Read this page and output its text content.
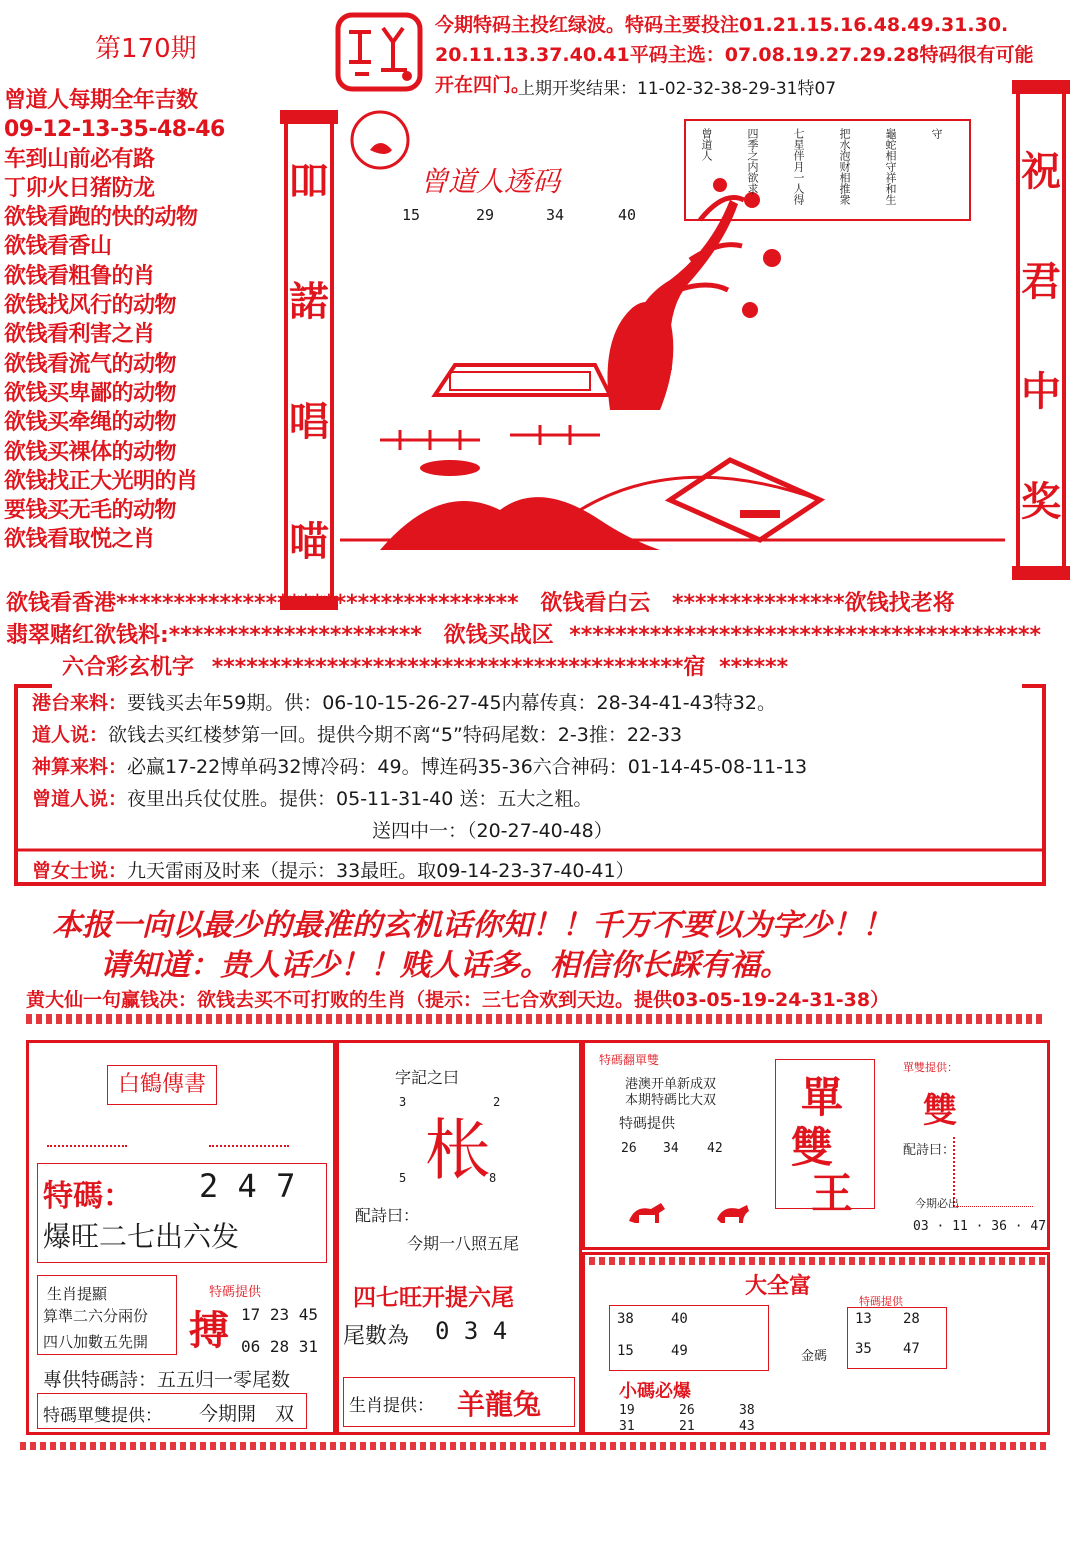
第170期
今期特码主投红绿波。特码主要投注01.21.15.16.48.49.31.30.
20.11.13.37.40.41平码主选：07.08.19.27.29.28特码很有可能
开在四门。
上期开奖结果：11-02-32-38-29-31特07
曾道人每期全年吉数
09-12-13-35-48-46
车到山前必有路
丁卯火日猪防龙
欲钱看跑的快的动物
欲钱看香山
欲钱看粗鲁的肖
欲钱找风行的动物
欲钱看利害之肖
欲钱看流气的动物
欲钱买卑鄙的动物
欲钱买牵绳的动物
欲钱买裸体的动物
欲钱找正大光明的肖
要钱买无毛的动物
欲钱看取悦之肖
吅
諾
唱
喵
祝
君
中
奖
曾道人透码
15	29	34	40
曾道人	四季之内欲求	七星伴月一人得	把水泡财相推衆	龜蛇相守祥和生	守
欲钱看香港*********************************** 欲钱看白云 ***************欲钱找老将
翡翠赌红欲钱料:********************** 欲钱买战区 *****************************************
六合彩玄机字 *****************************************宿 ******
港台来料：要钱买去年59期。供：06-10-15-26-27-45内幕传真：28-34-41-43特32。
道人说：欲钱去买红楼梦第一回。提供今期不离“5”特码尾数：2-3推：22-33
神算来料：必赢17-22博单码32博冷码：49。博连码35-36六合神码：01-14-45-08-11-13
曾道人说：夜里出兵仗仗胜。提供：05-11-31-40 送：五大之粗。
送四中一：（20-27-40-48）
曾女士说：九天雷雨及时来（提示：33最旺。取09-14-23-37-40-41）
本报一向以最少的最准的玄机话你知！！千万不要以为字少！！
请知道：贵人话少！！贱人话多。相信你长踩有福。
黄大仙一句赢钱决：欲钱去买不可打败的生肖（提示：三七合欢到天边。提供03-05-19-24-31-38）
白鶴傳書
特碼： 2 4 7
爆旺二七出六发
生肖提顯
算準二六分兩份
四八加數五先開
特碼提供
搏 17 23 45
06 28 31
專供特碼詩：五五归一零尾数
特碼單雙提供： 今期開　双
字記之曰
3	2
枨
5	8
配詩曰：
今期一八照五尾
四七旺开提六尾
尾數為 0 3 4
生肖提供： 羊龍兔
特碼翻單雙
港澳开单新成双
本期特碼比大双
特碼提供
26 34 42
單
雙
王
單雙提供：
雙
配詩曰：
今期必出
03 · 11 · 36 · 47
大全富
38	40
15	49
特碼提供
13 28
35 47
金碼
小碼必爆
19	26	38
31	21	43
